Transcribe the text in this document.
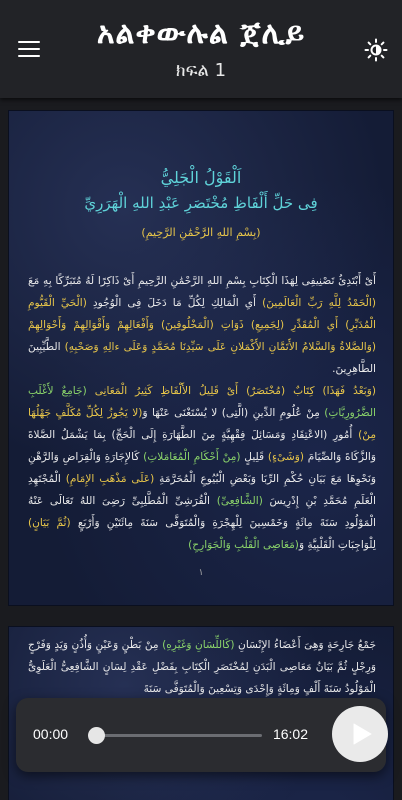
አልቀውሉል ጀሊይ
ክፍል 1
اَلْقَوْلُ الْجَلِيُّ
فِى حَلِّ أَلْفَاظِ مُخْتَصَرِ عَبْدِ اللهِ الْهَرَرِيِّ
(بِسْمِ اللهِ الرَّحْمَٰنِ الرَّحِيمِ)
أَىْ أَبْتَدِئُ تَصْنِيفِى لِهَذَا الْكِتَابِ بِسْمِ اللهِ الرَّحْمَٰنِ الرَّحِيمِ أَىْ ذَاكِرًا لَهُ مُتَبَرِّكًا بِهِ مَعَ (الْحَمْدُ لِلَّهِ رَبِّ الْعَالَمِينَ) أَىِ الْمَالِكِ لِكُلِّ مَا دَخَلَ فِى الْوُجُودِ (الْحَيِّ الْقَيُّومِ الْمُدَبِّرِ) أَىِ الْمُقَدِّرِ (لِجَمِيعِ) ذَوَاتِ (الْمَخْلُوقِينَ) وَأَفْعَالِهِمْ وَأَقْوَالِهِمْ وَأَحْوَالِهِمْ (وَالصَّلاةُ وَالسَّلامُ الأَتَمَّانِ الأَكْمَلانِ عَلَى سَيِّدِنَا مُحَمَّدٍ وَعَلَى ءالِهِ وَصَحْبِهِ) الطَّيِّبِينَ الطَّاهِرِينَ.
(وَبَعْدُ فَهَذَا) كِتَابٌ (مُخْتَصَرٌ) أَىْ قَلِيلُ الأَلْفَاظِ كَثِيرُ الْمَعَانِى (جَامِعٌ لأَغْلَبِ الضَّرُورِيَّاتِ) مِنْ عُلُومِ الدِّينِ (الَّتِى) لا يُسْتَغْنَى عَنْهَا وَ(لا يَجُوزُ لِكُلِّ مُكَلَّفٍ جَهْلُهَا مِنْ) أُمُورِ (الاعْتِقَادِ وَمَسَائِلَ فِقْهِيَّةٍ مِنَ الطَّهَارَةِ إِلَى الْحَجِّ) بِمَا يَشْمَلُ الصَّلاةَ وَالزَّكَاةَ وَالصِّيَامَ (وَشَىْءٍ) قَلِيلٍ (مِنْ أَحْكَامِ الْمُعَامَلاتِ) كَالإِجَارَةِ وَالْقِرَاضِ وَالرَّهْنِ وَنَحْوِهَا مَعَ بَيَانِ حُكْمِ الرِّبَا وَبَعْضِ الْبُيُوعِ الْمُحَرَّمَةِ (عَلَى مَذْهَبِ الإِمَامِ) الْمُجْتَهِدِ الْعَلَمِ مُحَمَّدِ بْنِ إِدْرِيسَ (الشَّافِعِىِّ) الْقُرَشِىِّ الْمُطَّلِبِىِّ رَضِىَ اللهُ تَعَالَى عَنْهُ الْمَوْلُودِ سَنَةَ مِائَةٍ وَخَمْسِينَ لِلْهِجْرَةِ وَالْمُتَوَفَّى سَنَةَ مِائَتَيْنِ وَأَرْبَعٍ (ثُمَّ بَيَانٍ) لِلْوَاجِبَاتِ الْقَلْبِيَّةِ وَ(مَعَاصِى الْقَلْبِ وَالْجَوَارِحِ)
١
جَمْعُ جَارِحَةٍ وَهِىَ أَعْضَاءُ الإِنْسَانِ (كَاللِّسَانِ وَغَيْرِهِ) مِنْ بَطْنٍ وَعَيْنٍ وَأُذُنٍ وَيَدٍ وَفَرْجٍ وَرِجْلٍ ثُمَّ بَيَانُ مَعَاصِى الْبَدَنِ لِمُخْتَصَرِ الْكِتَابِ بِفَضْلِ عَقْدِ لِسَانٍ الشَّافِعِىُّ الْعَلَوِىُّ الْمَوْلُودُ سَنَةَ أَلْفٍ وَمِائَةٍ وَإِحْدَى وَتِسْعِينَ وَالْمُتَوَفَّى سَنَةَ
00:00	16:02
